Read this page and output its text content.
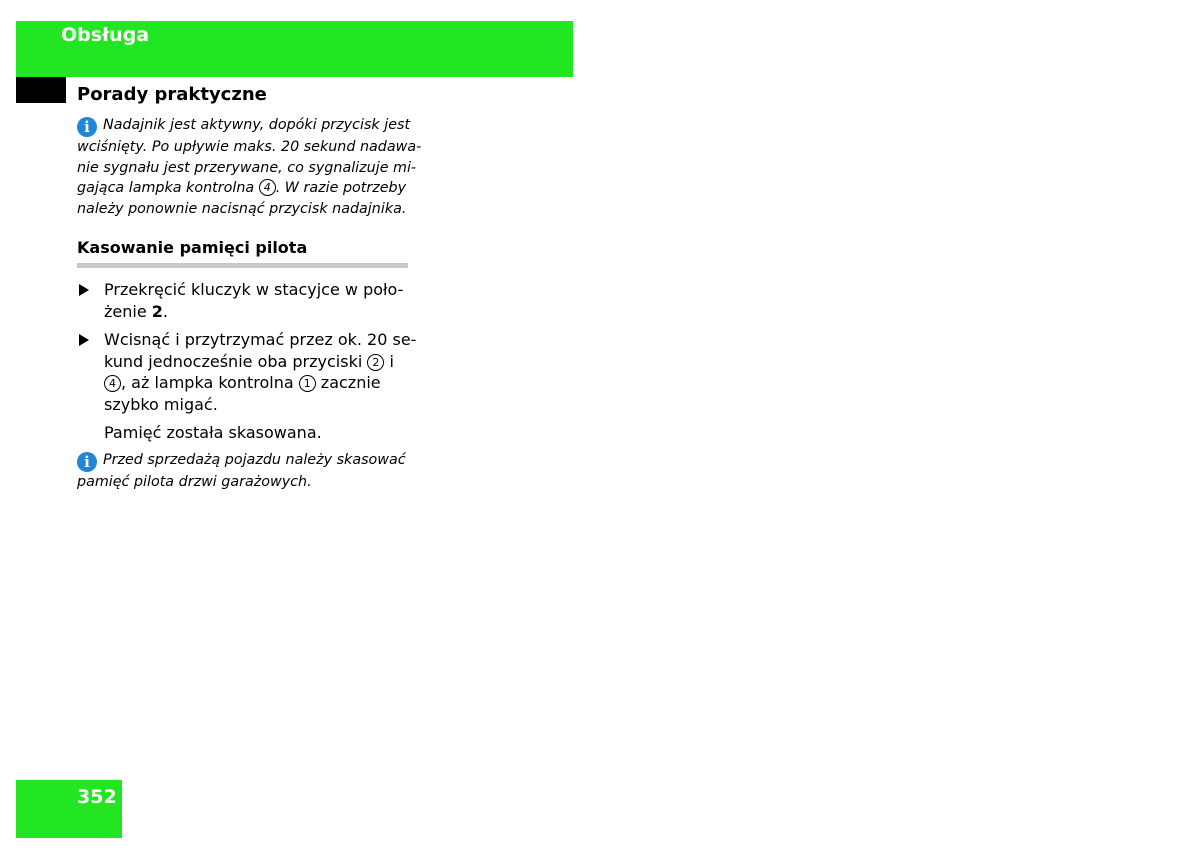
Obsługa
Porady praktyczne

i Nadajnik jest aktywny, dopóki przycisk jest
wciśnięty. Po upływie maks. 20 sekund nadawa-
nie sygnału jest przerywane, co sygnalizuje mi-
gająca lampka kontrolna 4 . W razie potrzeby
należy ponownie nacisnąć przycisk nadajnika.

Kasowanie pamięci pilota
Przekręcić kluczyk w stacyjce w poło-
żenie 2.
Wcisnąć i przytrzymać przez ok. 20 se-
kund jednocześnie oba przyciski 2 i
4 , aż lampka kontrolna 1 zacznie
szybko migać.
Pamięć została skasowana.

i Przed sprzedażą pojazdu należy skasować
pamięć pilota drzwi garażowych.

352
